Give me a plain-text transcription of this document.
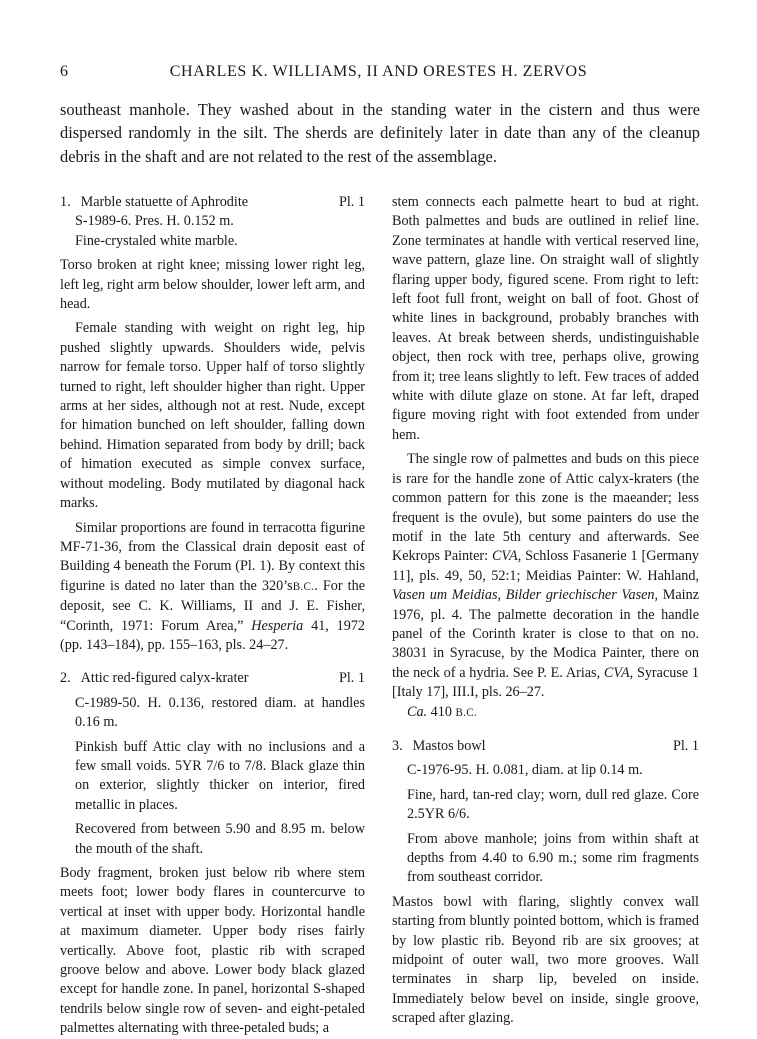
6	CHARLES K. WILLIAMS, II AND ORESTES H. ZERVOS

southeast manhole. They washed about in the standing water in the cistern and thus were dispersed randomly in the silt. The sherds are definitely later in date than any of the cleanup debris in the shaft and are not related to the rest of the assemblage.

1. Marble statuette of Aphrodite	Pl. 1

S-1989-6. Pres. H. 0.152 m.

Fine-crystaled white marble.

Torso broken at right knee; missing lower right leg, left leg, right arm below shoulder, lower left arm, and head.

Female standing with weight on right leg, hip pushed slightly upwards. Shoulders wide, pelvis narrow for female torso. Upper half of torso slightly turned to right, left shoulder higher than right. Upper arms at her sides, although not at rest. Nude, except for himation bunched on left shoulder, falling down behind. Himation separated from body by drill; back of himation executed as simple convex surface, without modeling. Body mutilated by diagonal hack marks.

Similar proportions are found in terracotta figurine MF-71-36, from the Classical drain deposit east of Building 4 beneath the Forum (Pl. 1). By context this figurine is dated no later than the 320’sB.C.. For the deposit, see C. K. Williams, II and J. E. Fisher, “Corinth, 1971: Forum Area,” Hesperia 41, 1972 (pp. 143–184), pp. 155–163, pls. 24–27.

2. Attic red-figured calyx-krater	Pl. 1

C-1989-50. H. 0.136, restored diam. at handles 0.16 m.

Pinkish buff Attic clay with no inclusions and a few small voids. 5YR 7/6 to 7/8. Black glaze thin on exterior, slightly thicker on interior, fired metallic in places.

Recovered from between 5.90 and 8.95 m. below the mouth of the shaft.

Body fragment, broken just below rib where stem meets foot; lower body flares in countercurve to vertical at inset with upper body. Horizontal handle at maximum diameter. Upper body rises fairly vertically. Above foot, plastic rib with scraped groove below and above. Lower body black glazed except for handle zone. In panel, horizontal S-shaped tendrils below single row of seven- and eight-petaled palmettes alternating with three-petaled buds; a

stem connects each palmette heart to bud at right. Both palmettes and buds are outlined in relief line. Zone terminates at handle with vertical reserved line, wave pattern, glaze line. On straight wall of slightly flaring upper body, figured scene. From right to left: left foot full front, weight on ball of foot. Ghost of white lines in background, probably branches with leaves. At break between sherds, undistinguishable object, then rock with tree, perhaps olive, growing from it; tree leans slightly to left. Few traces of added white with dilute glaze on stone. At far left, draped figure moving right with foot extended from under hem.

The single row of palmettes and buds on this piece is rare for the handle zone of Attic calyx-kraters (the common pattern for this zone is the maeander; less frequent is the ovule), but some painters do use the motif in the late 5th century and afterwards. See Kekrops Painter: CVA, Schloss Fasanerie 1 [Germany 11], pls. 49, 50, 52:1; Meidias Painter: W. Hahland, Vasen um Meidias, Bilder griechischer Vasen, Mainz 1976, pl. 4. The palmette decoration in the handle panel of the Corinth krater is close to that on no. 38031 in Syracuse, by the Modica Painter, there on the neck of a hydria. See P. E. Arias, CVA, Syracuse 1 [Italy 17], III.I, pls. 26–27.

Ca. 410 B.C.

3. Mastos bowl	Pl. 1

C-1976-95. H. 0.081, diam. at lip 0.14 m.

Fine, hard, tan-red clay; worn, dull red glaze. Core 2.5YR 6/6.

From above manhole; joins from within shaft at depths from 4.40 to 6.90 m.; some rim fragments from southeast corridor.

Mastos bowl with flaring, slightly convex wall starting from bluntly pointed bottom, which is framed by low plastic rib. Beyond rib are six grooves; at midpoint of outer wall, two more grooves. Wall terminates in sharp lip, beveled on inside. Immediately below bevel on inside, single groove, scraped after glazing.
